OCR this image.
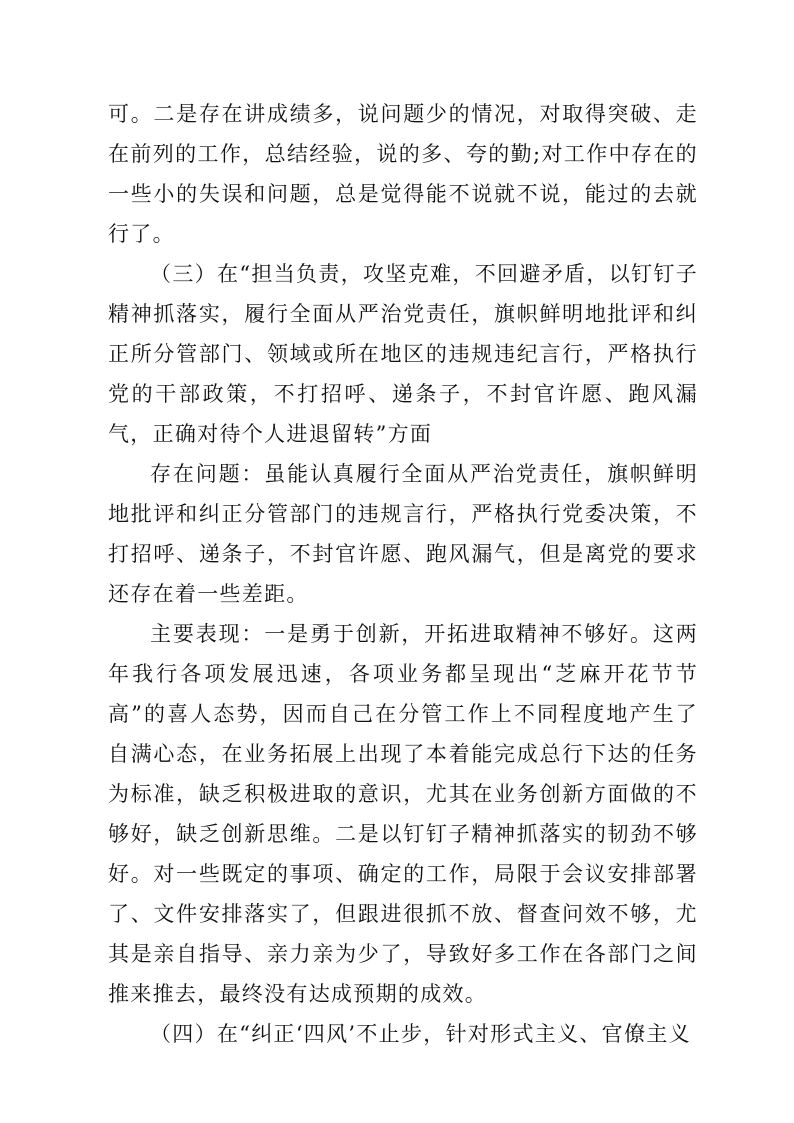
可。二是存在讲成绩多，说问题少的情况，对取得突破、走在前列的工作，总结经验，说的多、夸的勤;对工作中存在的一些小的失误和问题，总是觉得能不说就不说，能过的去就行了。

（三）在“担当负责，攻坚克难，不回避矛盾，以钉钉子精神抓落实，履行全面从严治党责任，旗帜鲜明地批评和纠正所分管部门、领域或所在地区的违规违纪言行，严格执行党的干部政策，不打招呼、递条子，不封官许愿、跑风漏气，正确对待个人进退留转”方面

存在问题：虽能认真履行全面从严治党责任，旗帜鲜明地批评和纠正分管部门的违规言行，严格执行党委决策，不打招呼、递条子，不封官许愿、跑风漏气，但是离党的要求还存在着一些差距。

主要表现：一是勇于创新，开拓进取精神不够好。这两年我行各项发展迅速，各项业务都呈现出“芝麻开花节节高”的喜人态势，因而自己在分管工作上不同程度地产生了自满心态，在业务拓展上出现了本着能完成总行下达的任务为标准，缺乏积极进取的意识，尤其在业务创新方面做的不够好，缺乏创新思维。二是以钉钉子精神抓落实的韧劲不够好。对一些既定的事项、确定的工作，局限于会议安排部署了、文件安排落实了，但跟进很抓不放、督查问效不够，尤其是亲自指导、亲力亲为少了，导致好多工作在各部门之间推来推去，最终没有达成预期的成效。

（四）在“纠正‘四风’不止步，针对形式主义、官僚主义
